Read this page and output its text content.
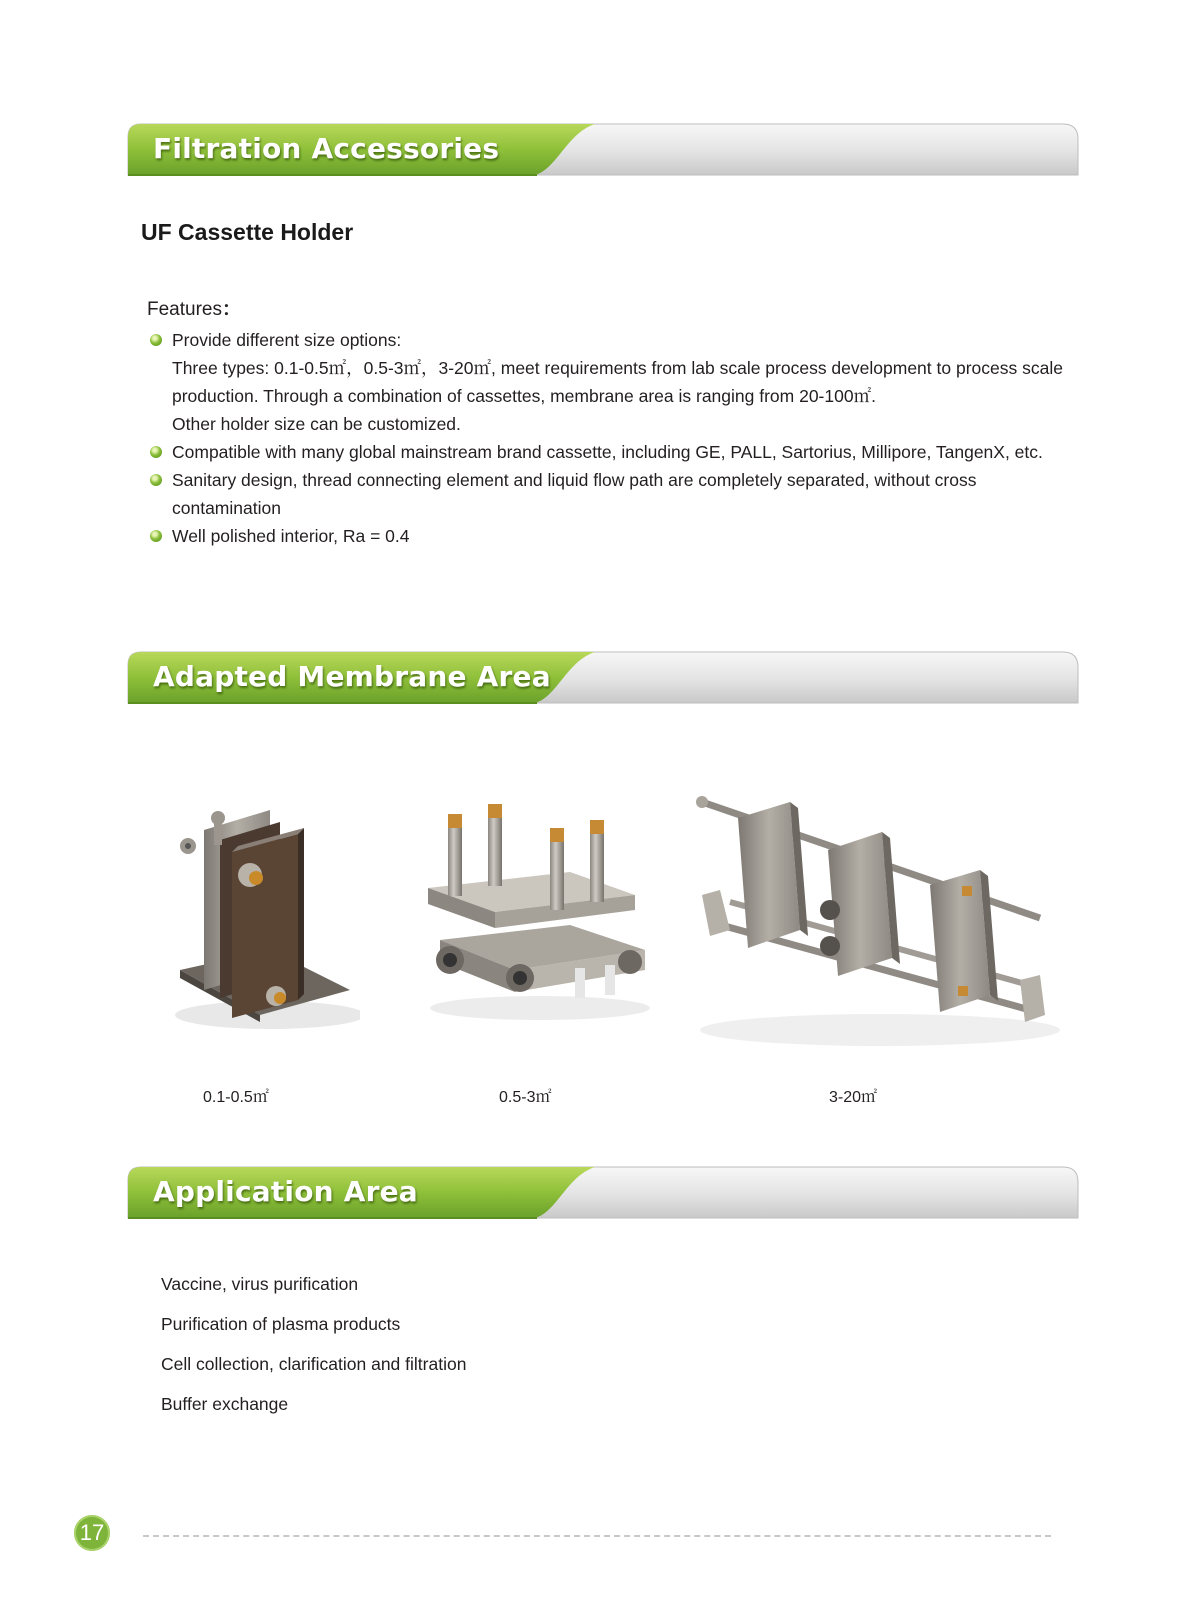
Filtration Accessories
UF Cassette Holder
Features：
Provide different size options:
Three types: 0.1-0.5㎡，0.5-3㎡，3-20㎡, meet requirements from lab scale process development to process scale
production. Through a combination of cassettes, membrane area is ranging from 20-100㎡.
Other holder size can be customized.
Compatible with many global mainstream brand cassette, including GE, PALL, Sartorius, Millipore, TangenX, etc.
Sanitary design, thread connecting element and liquid flow path are completely separated, without cross
contamination
Well polished interior, Ra = 0.4
Adapted Membrane Area
0.1-0.5㎡	0.5-3㎡	3-20㎡
Application Area
Vaccine, virus purification
Purification of plasma products
Cell collection, clarification and filtration
Buffer exchange
17
